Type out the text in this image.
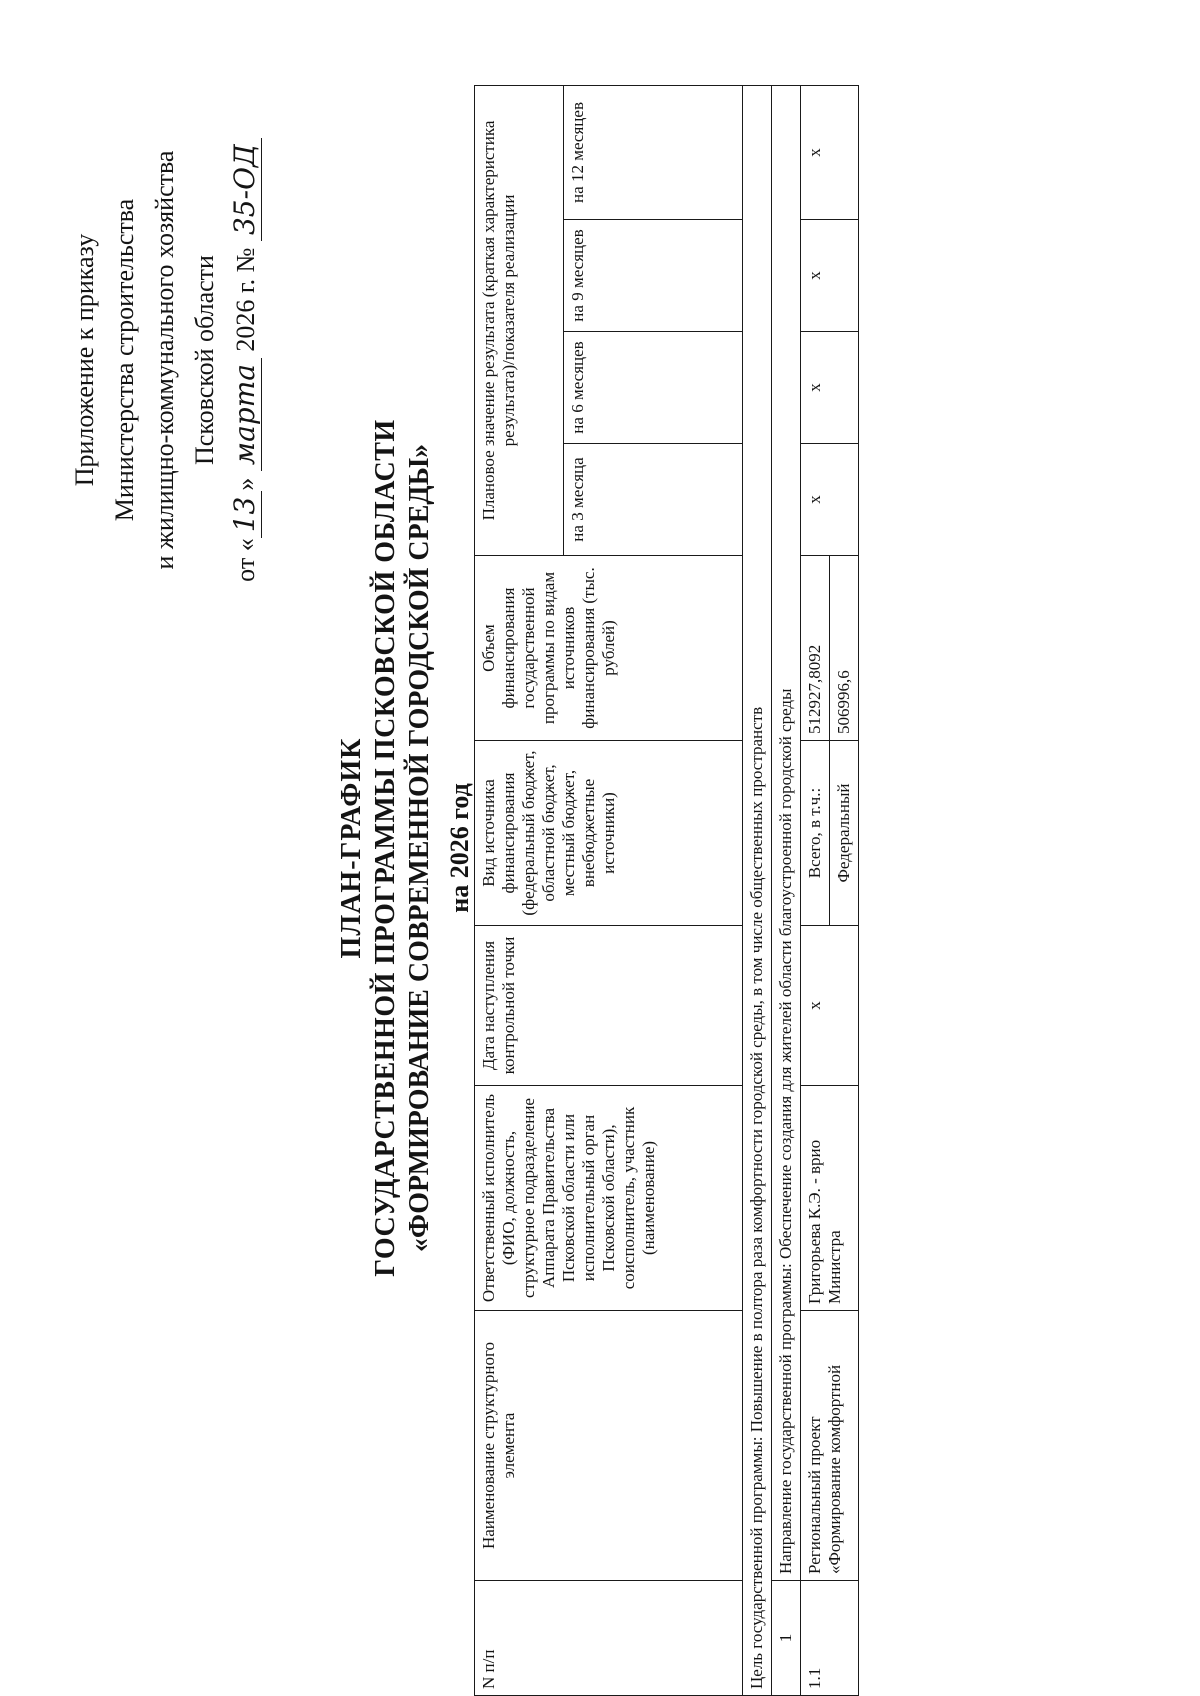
Приложение к приказу Министерства строительства и жилищно-коммунального хозяйства Псковской области
от «13» марта 2026 г. № 35-ОД
ПЛАН-ГРАФИК ГОСУДАРСТВЕННОЙ ПРОГРАММЫ ПСКОВСКОЙ ОБЛАСТИ «ФОРМИРОВАНИЕ СОВРЕМЕННОЙ ГОРОДСКОЙ СРЕДЫ» на 2026 год
N п/п	Наименование структурного элемента	Ответственный исполнитель (ФИО, должность, структурное подразделение Аппарата Правительства Псковской области или исполнительный орган Псковской области), соисполнитель, участник (наименование)	Дата наступления контрольной точки	Вид источника финансирования (федеральный бюджет, областной бюджет, местный бюджет, внебюджетные источники)	Объем финансирования государственной программы по видам источников финансирования (тыс. рублей)	Плановое значение результата (краткая характеристика результата)/показателя реализации			
						на 3 месяца	на 6 месяцев	на 9 месяцев	на 12 месяцев
Цель государственной программы: Повышение в полтора раза комфортности городской среды, в том числе общественных пространств									
1	Направление государственной программы: Обеспечение создания для жителей области благоустроенной городской среды								
1.1	Региональный проект «Формирование комфортной	Григорьева К.Э. - врио Министра	х	Всего, в т.ч.:	512927,8092	х	х	х	х
				Федеральный	506996,6				
